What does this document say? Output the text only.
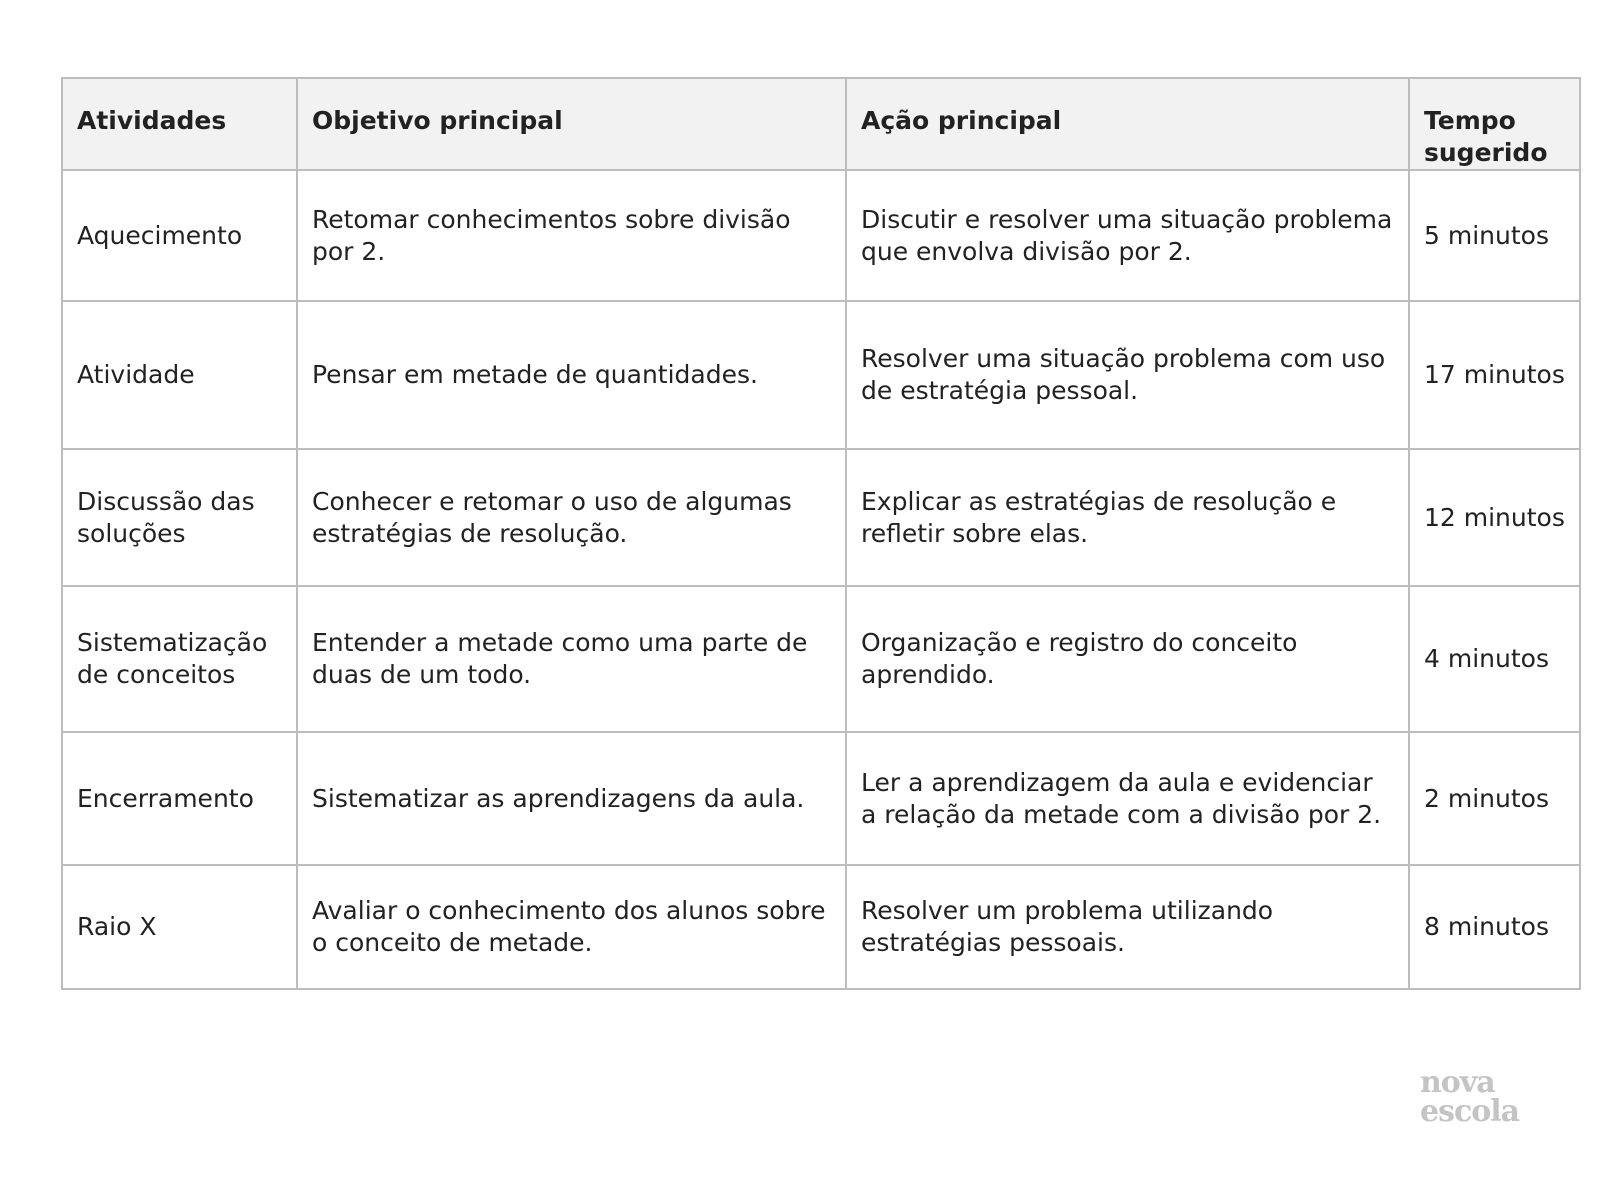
Atividades	Objetivo principal	Ação principal	Tempo sugerido
Aquecimento	Retomar conhecimentos sobre divisão por 2.	Discutir e resolver uma situação problema que envolva divisão por 2.	5 minutos
Atividade	Pensar em metade de quantidades.	Resolver uma situação problema com uso de estratégia pessoal.	17 minutos
Discussão das soluções	Conhecer e retomar o uso de algumas estratégias de resolução.	Explicar as estratégias de resolução e refletir sobre elas.	12 minutos
Sistematização de conceitos	Entender a metade como uma parte de duas de um todo.	Organização e registro do conceito aprendido.	4 minutos
Encerramento	Sistematizar as aprendizagens da aula.	Ler a aprendizagem da aula e evidenciar a relação da metade com a divisão por 2.	2 minutos
Raio X	Avaliar o conhecimento dos alunos sobre o conceito de metade.	Resolver um problema utilizando estratégias pessoais.	8 minutos
nova
escola
